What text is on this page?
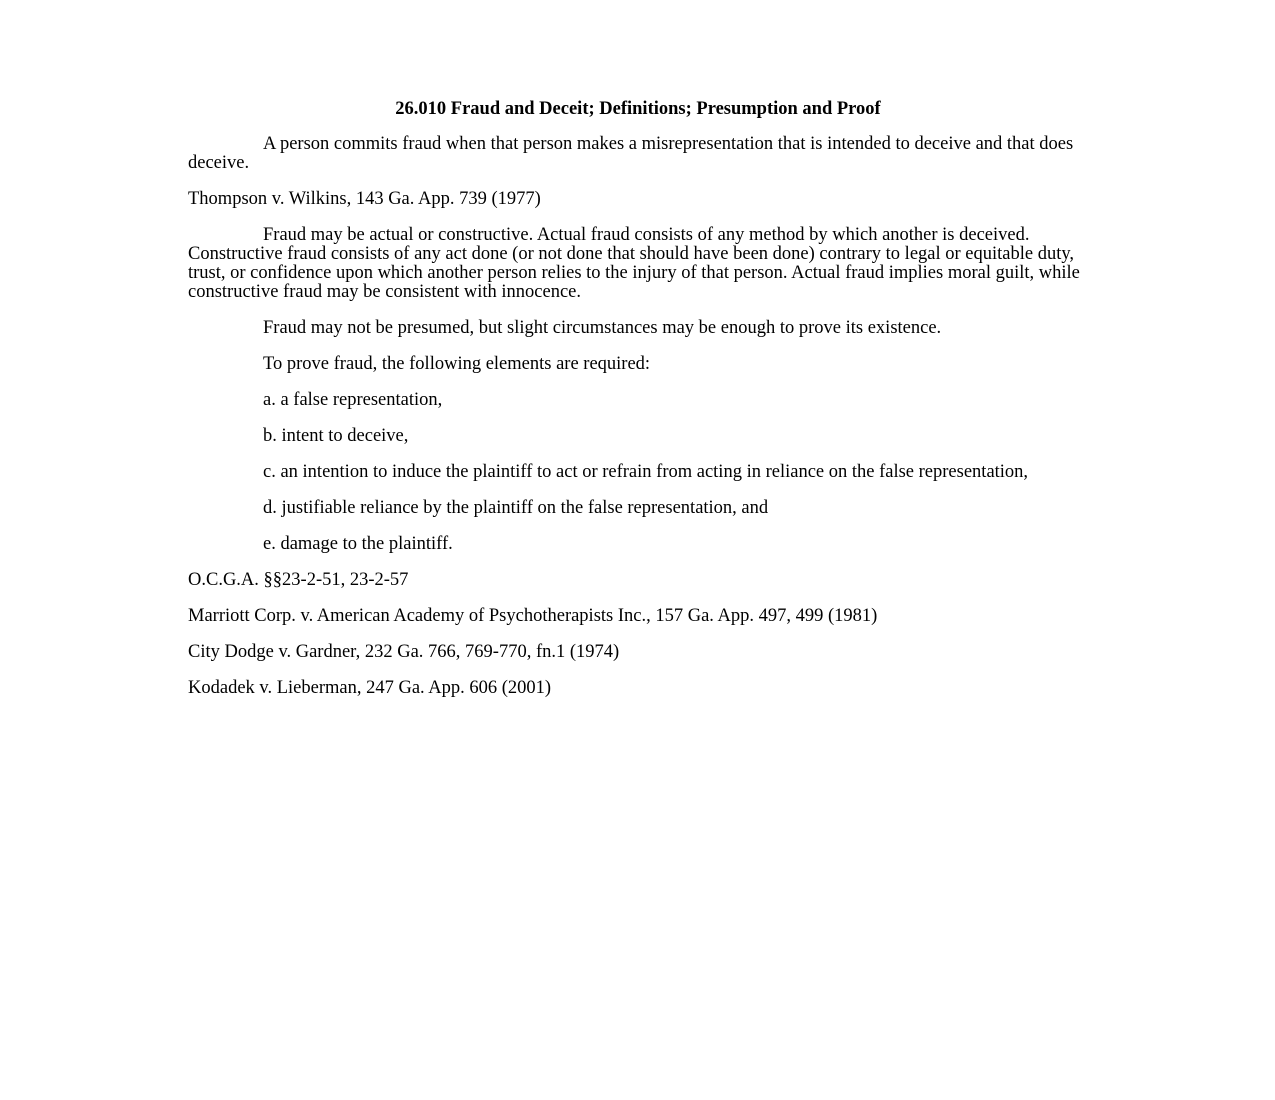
26.010 Fraud and Deceit; Definitions; Presumption and Proof

A person commits fraud when that person makes a misrepresentation that is intended to deceive and that does deceive.

Thompson v. Wilkins, 143 Ga. App. 739 (1977)

Fraud may be actual or constructive. Actual fraud consists of any method by which another is deceived. Constructive fraud consists of any act done (or not done that should have been done) contrary to legal or equitable duty, trust, or confidence upon which another person relies to the injury of that person. Actual fraud implies moral guilt, while constructive fraud may be consistent with innocence.

Fraud may not be presumed, but slight circumstances may be enough to prove its existence.

To prove fraud, the following elements are required:

a. a false representation,

b. intent to deceive,

c. an intention to induce the plaintiff to act or refrain from acting in reliance on the false representation,

d. justifiable reliance by the plaintiff on the false representation, and

e. damage to the plaintiff.

O.C.G.A. §§23-2-51, 23-2-57

Marriott Corp. v. American Academy of Psychotherapists Inc., 157 Ga. App. 497, 499 (1981)

City Dodge v. Gardner, 232 Ga. 766, 769-770, fn.1 (1974)

Kodadek v. Lieberman, 247 Ga. App. 606 (2001)
